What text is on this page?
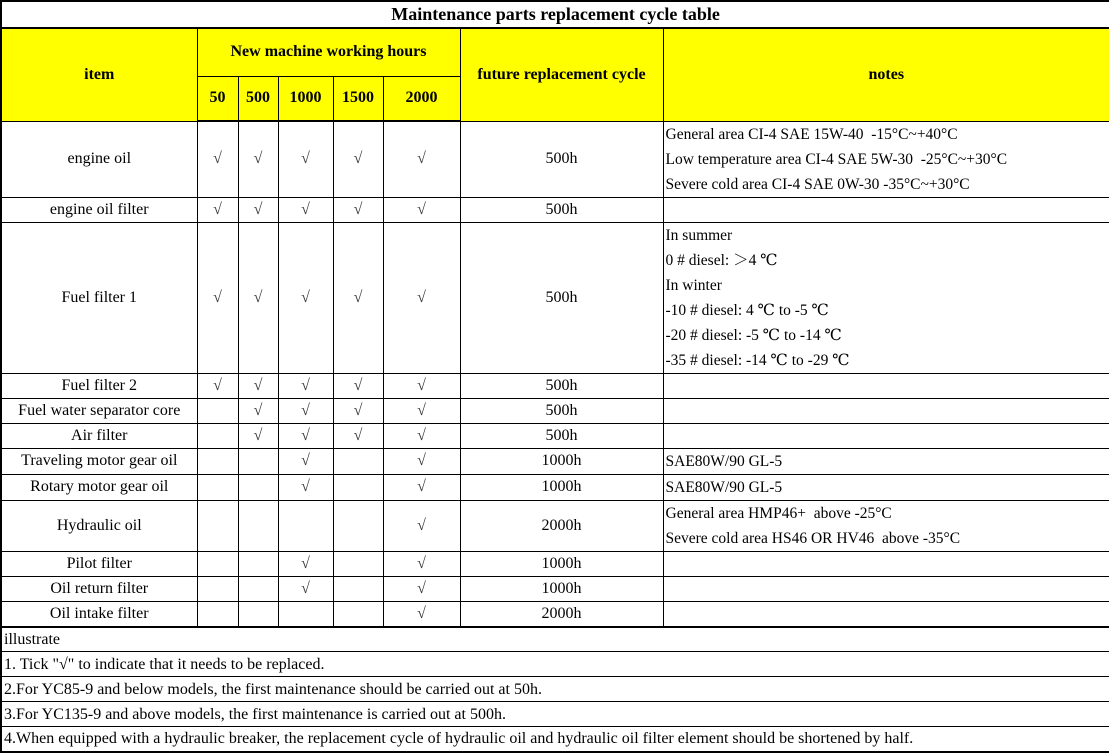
Maintenance parts replacement cycle table							
item	New machine working hours					future replacement cycle	notes
	50	500	1000	1500	2000		
engine oil	√	√	√	√	√	500h	General area CI-4 SAE 15W-40  -15°C~+40°C
Low temperature area CI-4 SAE 5W-30  -25°C~+30°C
Severe cold area CI-4 SAE 0W-30 -35°C~+30°C

engine oil filter	√	√	√	√	√	500h	
Fuel filter 1	√	√	√	√	√	500h	
In summer
0 # diesel: ＞4 ℃
In winter
-10 # diesel: 4 ℃ to -5 ℃
-20 # diesel: -5 ℃ to -14 ℃
-35 # diesel: -14 ℃ to -29 ℃

Fuel filter 2	√	√	√	√	√	500h	
Fuel water separator core		√	√	√	√	500h	
Air filter		√	√	√	√	500h	
Traveling motor gear oil			√		√	1000h	SAE80W/90 GL-5

Rotary motor gear oil			√		√	1000h	SAE80W/90 GL-5

Hydraulic oil					√	2000h	General area HMP46+  above -25°C
Severe cold area HS46 OR HV46  above -35°C

Pilot filter			√		√	1000h	
Oil return filter			√		√	1000h	
Oil intake filter					√	2000h	
illustrate							
1. Tick "√" to indicate that it needs to be replaced.							
2.For YC85-9 and below models, the first maintenance should be carried out at 50h.							
3.For YC135-9 and above models, the first maintenance is carried out at 500h.							
4.When equipped with a hydraulic breaker, the replacement cycle of hydraulic oil and hydraulic oil filter element should be shortened by half.							
